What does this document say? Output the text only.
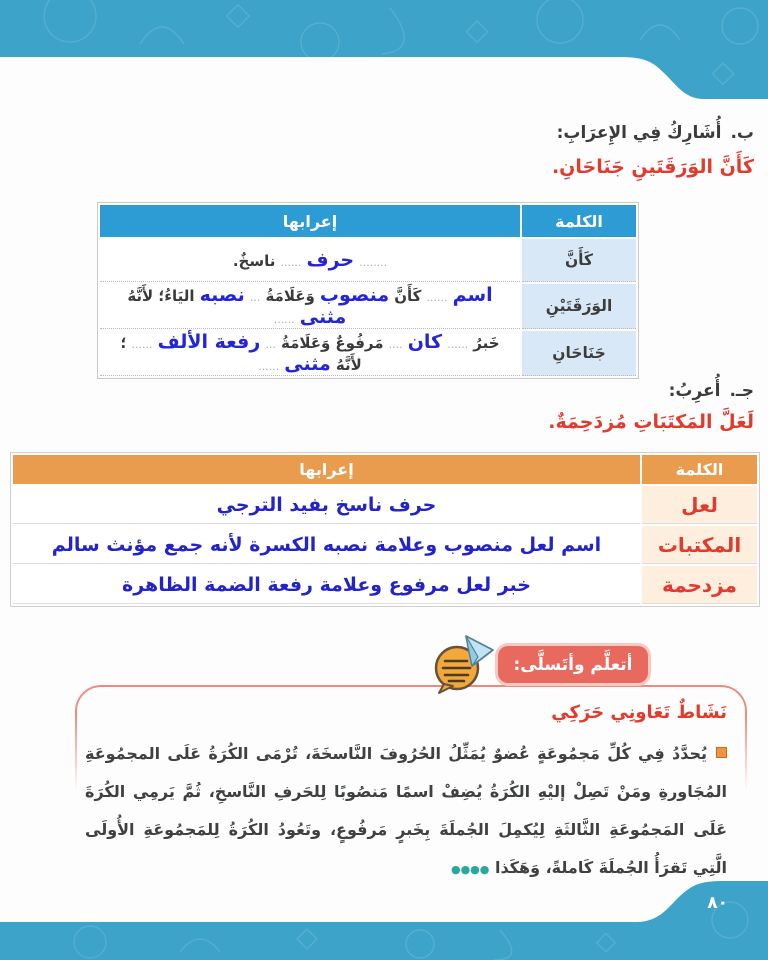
ب.أُشَارِكُ فِي الإِعرَابِ:
كَأَنَّ الوَرَقَتَينِ جَنَاحَانِ.
الكلمة	إعرابها
كَأَنَّ	........ حرف ...... ناسخٌ.
الوَرَقَتَيْنِ	اسم ...... كَأَنَّ منصوب وَعَلَامَةُ ... نصبه اليَاءُ؛ لأَنَّهُ مثنى ......
جَنَاحَانِ	خَبرُ ...... كان .... مَرفُوعٌ وَعَلَامَةُ ... رفعة الألف ...... ؛ لأَنَّهُ مثنى ......
جـ.أُعرِبُ:
لَعَلَّ المَكتَبَاتِ مُزدَحِمَةٌ.
الكلمة	إعرابها
لعل	حرف ناسخ بفيد الترجي
المكتبات	اسم لعل منصوب وعلامة نصبه الكسرة لأنه جمع مؤنث سالم
مزدحمة	خبر لعل مرفوع وعلامة رفعة الضمة الظاهرة
أتعلَّم وأتَسلَّى:
نَشَاطٌ تَعَاونِي حَرَكِي
يُحدَّدُ فِي كُلِّ مَجمُوعَةٍ عُضوٌ يُمَثِّلُ الحُرُوفَ النَّاسخَةَ، تُرْمَى الكُرَةُ عَلَى المجمُوعَةِ المُجَاورةِ ومَنْ تَصِلْ إليْهِ الكُرَةُ يُضِفْ اسمًا مَنصُوبًا لِلحَرفِ النَّاسخِ، ثُمَّ يَرمِي الكُرَةَ عَلَى المَجمُوعَةِ الثَّالثَةِ لِيُكمِلَ الجُملَةَ بِخَبرٍ مَرفُوعٍ، وتَعُودُ الكُرَةُ لِلمَجمُوعَةِ الأُولَى الَّتِي تَقرَأُ الجُملَةَ كَاملةً، وَهَكَذا ●●●●
٨٠
